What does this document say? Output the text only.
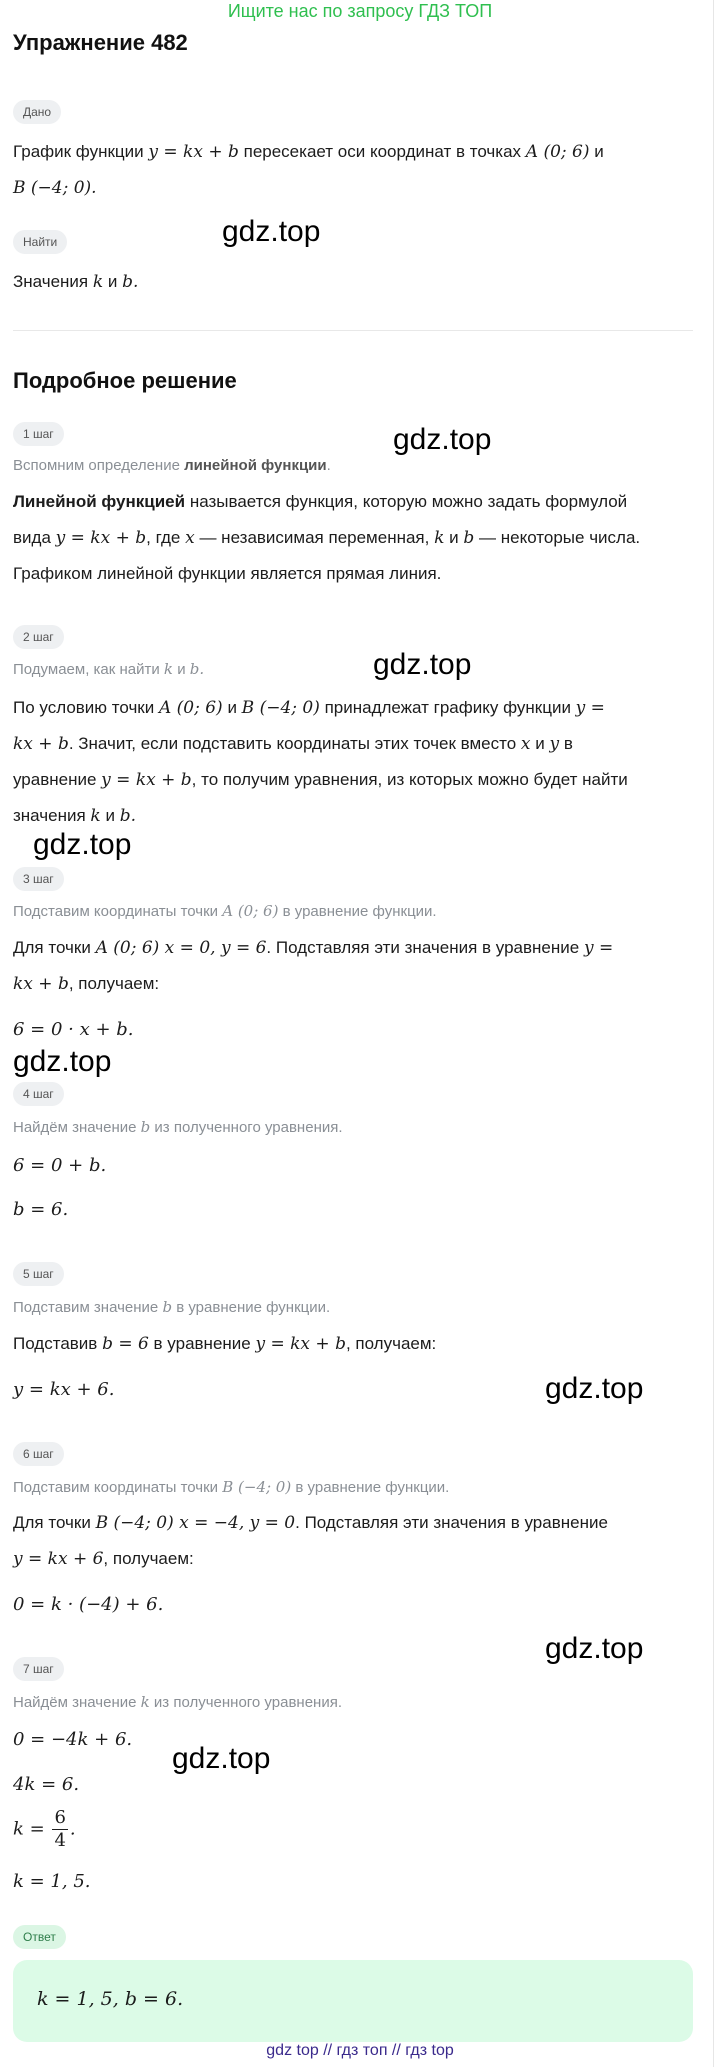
Ищите нас по запросу ГДЗ ТОП
Упражнение 482
Дано
График функции y = kx + b пересекает оси координат в точках A (0; 6) и
B (−4; 0).
Найти
Значения k и b.
Подробное решение
1 шаг
Вспомним определение линейной функции.
Линейной функцией называется функция, которую можно задать формулой
вида y = kx + b, где x — независимая переменная, k и b — некоторые числа.
Графиком линейной функции является прямая линия.
2 шаг
Подумаем, как найти k и b.
По условию точки A (0; 6) и B (−4; 0) принадлежат графику функции y =
kx + b. Значит, если подставить координаты этих точек вместо x и y в
уравнение y = kx + b, то получим уравнения, из которых можно будет найти
значения k и b.
3 шаг
Подставим координаты точки A (0; 6) в уравнение функции.
Для точки A (0; 6) x = 0, y = 6. Подставляя эти значения в уравнение y =
kx + b, получаем:
6 = 0 · x + b.
4 шаг
Найдём значение b из полученного уравнения.
6 = 0 + b.
b = 6.
5 шаг
Подставим значение b в уравнение функции.
Подставив b = 6 в уравнение y = kx + b, получаем:
y = kx + 6.
6 шаг
Подставим координаты точки B (−4; 0) в уравнение функции.
Для точки B (−4; 0) x = −4, y = 0. Подставляя эти значения в уравнение
y = kx + 6, получаем:
0 = k · (−4) + 6.
7 шаг
Найдём значение k из полученного уравнения.
0 = −4k + 6.
4k = 6.
$k = \frac{6}{4}$ .
k = 1, 5.
Ответ
k = 1, 5, b = 6.
gdz.top
gdz.top
gdz.top
gdz.top
gdz.top
gdz.top
gdz.top
gdz.top
gdz top // гдз топ // гдз top
